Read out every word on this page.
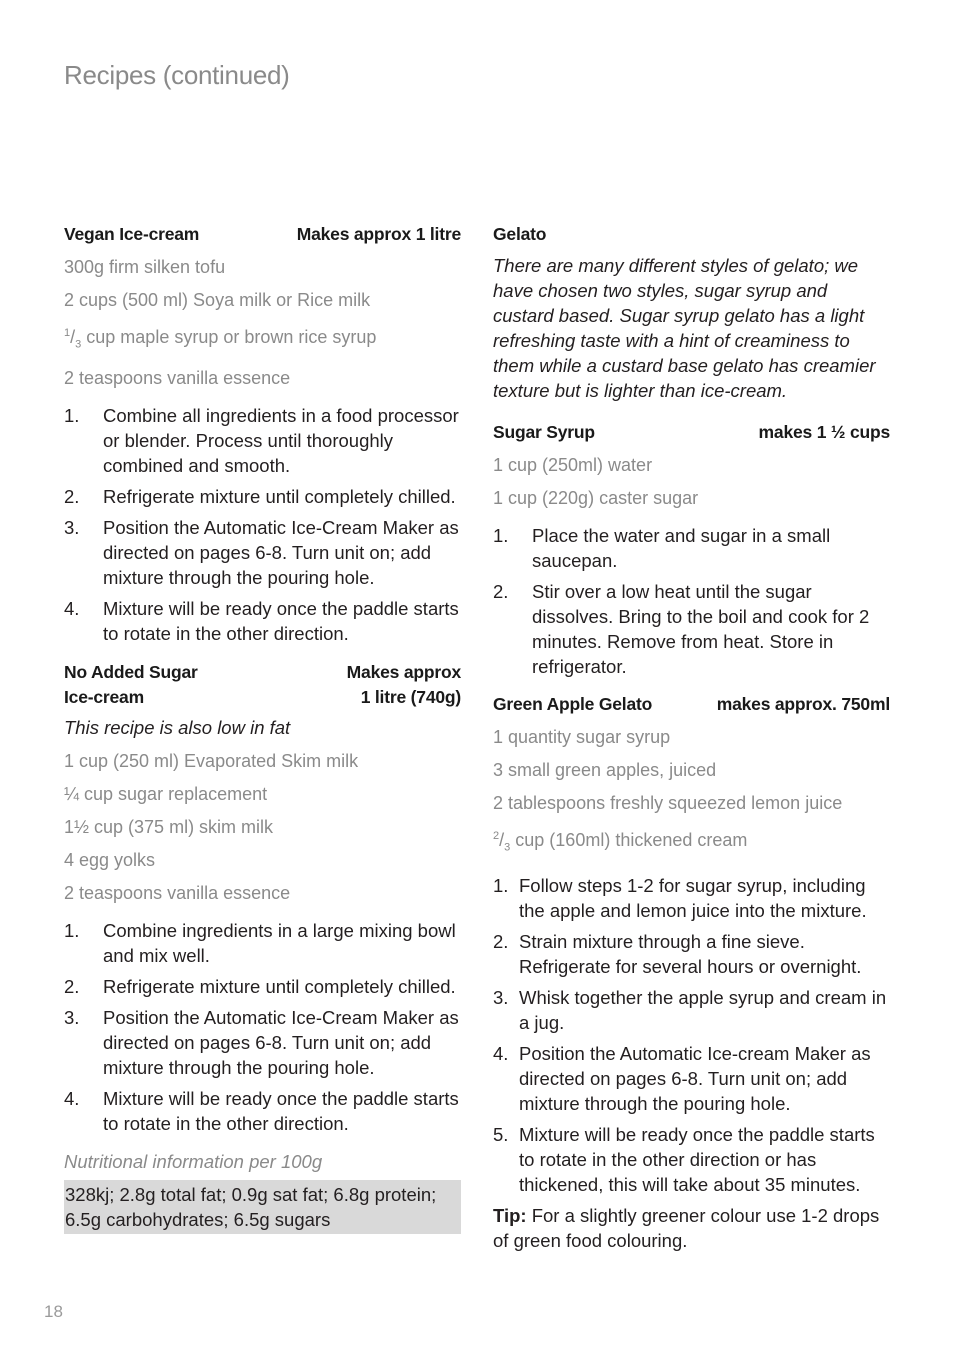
Recipes (continued)
Vegan Ice-cream	Makes approx 1 litre
300g firm silken tofu
2 cups (500 ml) Soya milk or Rice milk
$^1/_3$ cup maple syrup or brown rice syrup
2 teaspoons vanilla essence
1.	Combine all ingredients in a food processor or blender. Process until thoroughly combined and smooth.
2.	Refrigerate mixture until completely chilled.
3.	Position the Automatic Ice-Cream Maker as directed on pages 6-8. Turn unit on; add mixture through the pouring hole.
4.	Mixture will be ready once the paddle starts to rotate in the other direction.
No Added Sugar
Ice-cream
Makes approx
1 litre (740g)
This recipe is also low in fat
1 cup (250 ml) Evaporated Skim milk
¼ cup sugar replacement
1½ cup (375 ml) skim milk
4 egg yolks
2 teaspoons vanilla essence
1.	Combine ingredients in a large mixing bowl and mix well.
2.	Refrigerate mixture until completely chilled.
3.	Position the Automatic Ice-Cream Maker as directed on pages 6-8. Turn unit on; add mixture through the pouring hole.
4.	Mixture will be ready once the paddle starts to rotate in the other direction.
Nutritional information per 100g
328kj; 2.8g total fat; 0.9g sat fat; 6.8g protein; 6.5g carbohydrates; 6.5g sugars
Gelato
There are many different styles of gelato; we have chosen two styles, sugar syrup and custard based. Sugar syrup gelato has a light refreshing taste with a hint of creaminess to them while a custard base gelato has creamier texture but is lighter than ice-cream.
Sugar Syrup	makes 1 ½ cups
1 cup (250ml) water
1 cup (220g) caster sugar
1.	Place the water and sugar in a small saucepan.
2.	Stir over a low heat until the sugar dissolves. Bring to the boil and cook for 2 minutes. Remove from heat. Store in refrigerator.
Green Apple Gelato	makes approx. 750ml
1 quantity sugar syrup
3 small green apples, juiced
2 tablespoons freshly squeezed lemon juice
$^2/_3$ cup (160ml) thickened cream
1. Follow steps 1-2 for sugar syrup, including the apple and lemon juice into the mixture.
2. Strain mixture through a fine sieve. Refrigerate for several hours or overnight.
3. Whisk together the apple syrup and cream in a jug.
4. Position the Automatic Ice-cream Maker as directed on pages 6-8. Turn unit on; add mixture through the pouring hole.
5. Mixture will be ready once the paddle starts to rotate in the other direction or has thickened, this will take about 35 minutes.
Tip: For a slightly greener colour use 1-2 drops of green food colouring.
18
